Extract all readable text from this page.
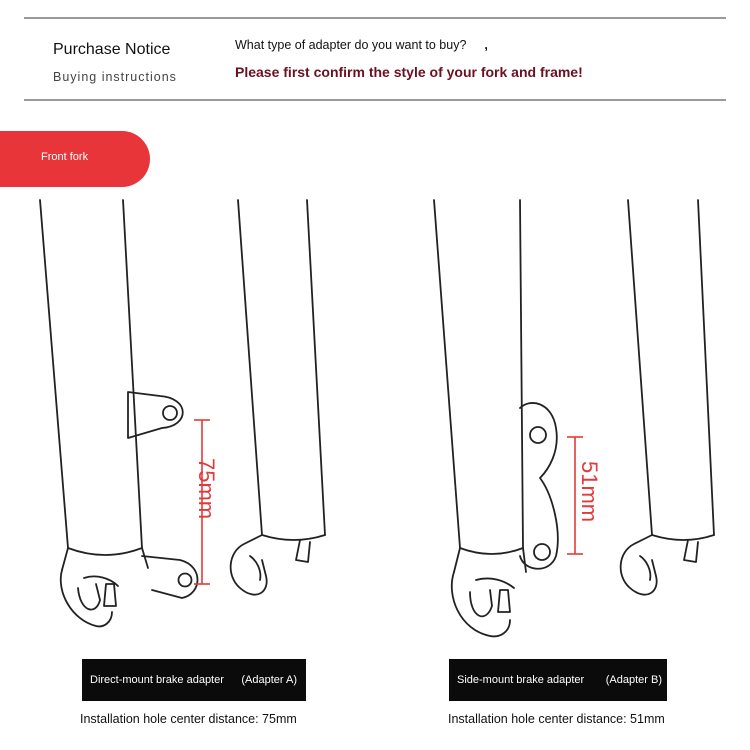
Purchase Notice
Buying instructions
What type of adapter do you want to buy? ,
Please first confirm the style of your fork and frame!
Front fork
75mm	51mm
Direct-mount brake adapter (Adapter A)	Side-mount brake adapter (Adapter B)
Installation hole center distance: 75mm	Installation hole center distance: 51mm
